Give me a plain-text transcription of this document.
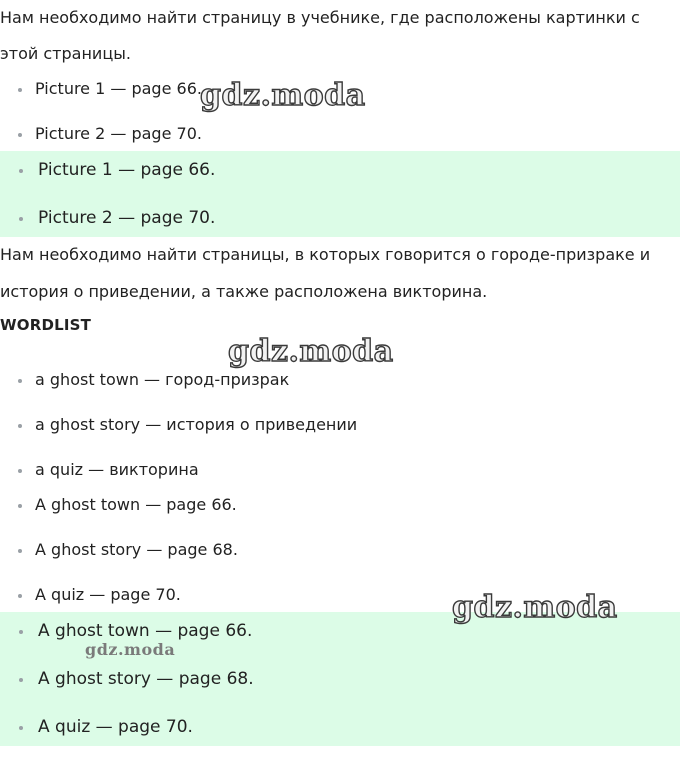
Нам необходимо найти страницу в учебнике, где расположены картинки с

этой страницы.

Picture 1 — page 66.
Picture 2 — page 70.
Picture 1 — page 66.
Picture 2 — page 70.

Нам необходимо найти страницы, в которых говорится о городе-призраке и

история о приведении, а также расположена викторина.

WORDLIST
a ghost town — город-призрак
a ghost story — история о приведении
a quiz — викторина
A ghost town — page 66.
A ghost story — page 68.
A quiz — page 70.
A ghost town — page 66.
A ghost story — page 68.
A quiz — page 70.
gdz.moda
gdz.moda
gdz.moda
gdz.moda
